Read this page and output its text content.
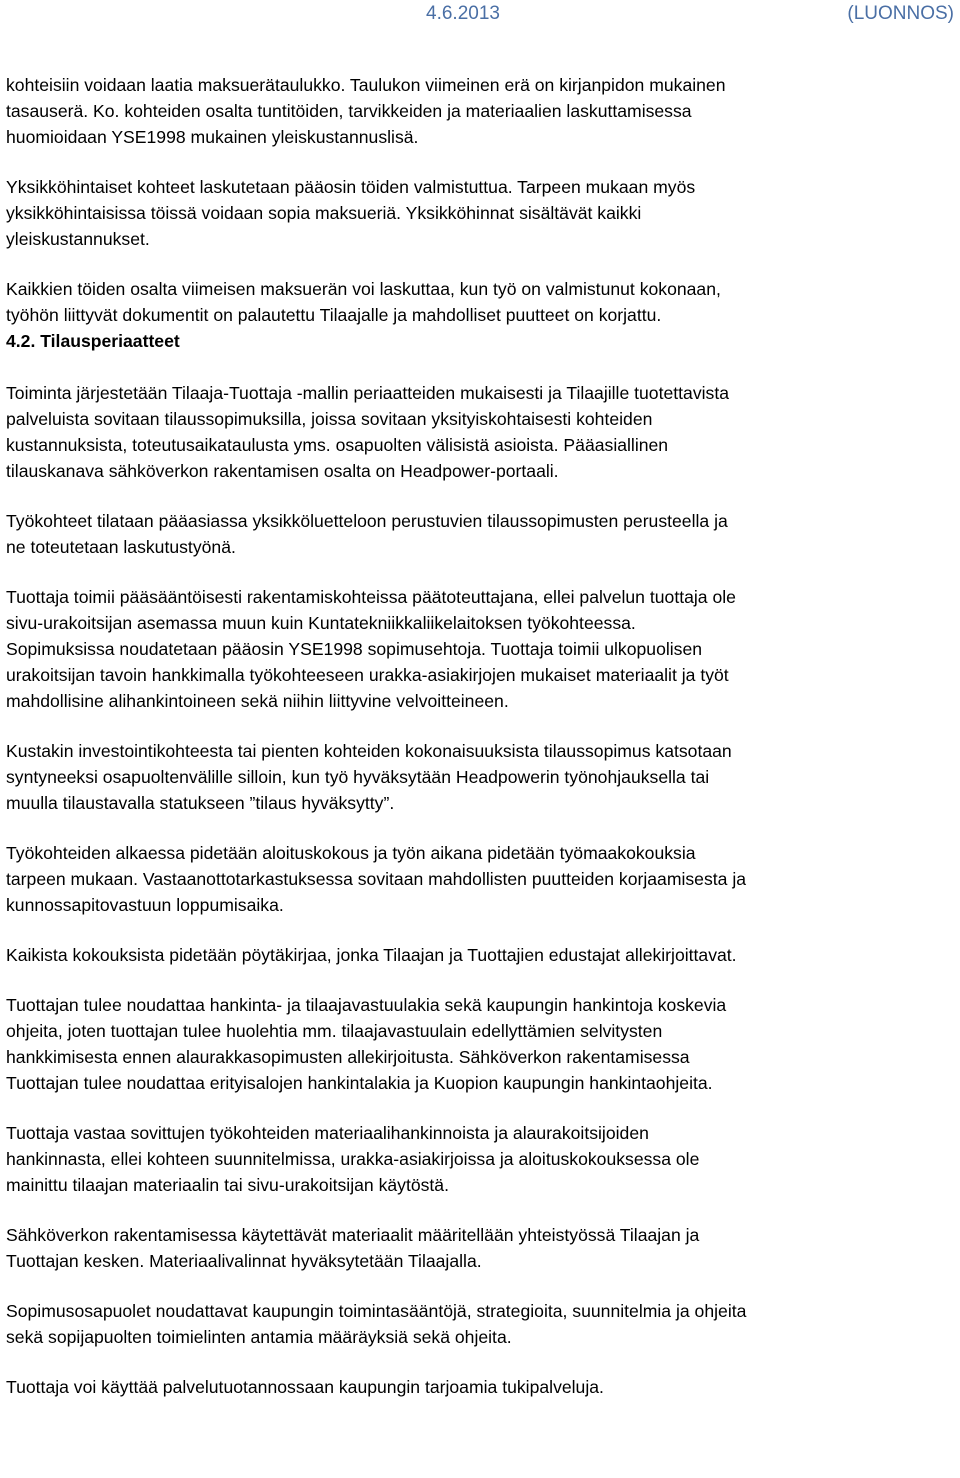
4.6.2013	(LUONNOS)

kohteisiin voidaan laatia maksuerätaulukko. Taulukon viimeinen erä on kirjanpidon mukainen
tasauserä. Ko. kohteiden osalta tuntitöiden, tarvikkeiden ja materiaalien laskuttamisessa
huomioidaan YSE1998 mukainen yleiskustannuslisä.

Yksikköhintaiset kohteet laskutetaan pääosin töiden valmistuttua. Tarpeen mukaan myös
yksikköhintaisissa töissä voidaan sopia maksueriä. Yksikköhinnat sisältävät kaikki
yleiskustannukset.

Kaikkien töiden osalta viimeisen maksuerän voi laskuttaa, kun työ on valmistunut kokonaan,
työhön liittyvät dokumentit on palautettu Tilaajalle ja mahdolliset puutteet on korjattu.

4.2. Tilausperiaatteet

Toiminta järjestetään Tilaaja-Tuottaja -mallin periaatteiden mukaisesti ja Tilaajille tuotettavista
palveluista sovitaan tilaussopimuksilla, joissa sovitaan yksityiskohtaisesti kohteiden
kustannuksista, toteutusaikataulusta yms. osapuolten välisistä asioista. Pääasiallinen
tilauskanava sähköverkon rakentamisen osalta on Headpower-portaali.

Työkohteet tilataan pääasiassa yksikköluetteloon perustuvien tilaussopimusten perusteella ja
ne toteutetaan laskutustyönä.

Tuottaja toimii pääsääntöisesti rakentamiskohteissa päätoteuttajana, ellei palvelun tuottaja ole
sivu-urakoitsijan asemassa muun kuin Kuntatekniikkaliikelaitoksen työkohteessa.
Sopimuksissa noudatetaan pääosin YSE1998 sopimusehtoja. Tuottaja toimii ulkopuolisen
urakoitsijan tavoin hankkimalla työkohteeseen urakka-asiakirjojen mukaiset materiaalit ja työt
mahdollisine alihankintoineen sekä niihin liittyvine velvoitteineen.

Kustakin investointikohteesta tai pienten kohteiden kokonaisuuksista tilaussopimus katsotaan
syntyneeksi osapuoltenvälille silloin, kun työ hyväksytään Headpowerin työnohjauksella tai
muulla tilaustavalla statukseen ”tilaus hyväksytty”.

Työkohteiden alkaessa pidetään aloituskokous ja työn aikana pidetään työmaakokouksia
tarpeen mukaan. Vastaanottotarkastuksessa sovitaan mahdollisten puutteiden korjaamisesta ja
kunnossapitovastuun loppumisaika.

Kaikista kokouksista pidetään pöytäkirjaa, jonka Tilaajan ja Tuottajien edustajat allekirjoittavat.

Tuottajan tulee noudattaa hankinta- ja tilaajavastuulakia sekä kaupungin hankintoja koskevia
ohjeita, joten tuottajan tulee huolehtia mm. tilaajavastuulain edellyttämien selvitysten
hankkimisesta ennen alaurakkasopimusten allekirjoitusta. Sähköverkon rakentamisessa
Tuottajan tulee noudattaa erityisalojen hankintalakia ja Kuopion kaupungin hankintaohjeita.

Tuottaja vastaa sovittujen työkohteiden materiaalihankinnoista ja alaurakoitsijoiden
hankinnasta, ellei kohteen suunnitelmissa, urakka-asiakirjoissa ja aloituskokouksessa ole
mainittu tilaajan materiaalin tai sivu-urakoitsijan käytöstä.

Sähköverkon rakentamisessa käytettävät materiaalit määritellään yhteistyössä Tilaajan ja
Tuottajan kesken. Materiaalivalinnat hyväksytetään Tilaajalla.

Sopimusosapuolet noudattavat kaupungin toimintasääntöjä, strategioita, suunnitelmia ja ohjeita
sekä sopijapuolten toimielinten antamia määräyksiä sekä ohjeita.

Tuottaja voi käyttää palvelutuotannossaan kaupungin tarjoamia tukipalveluja.
